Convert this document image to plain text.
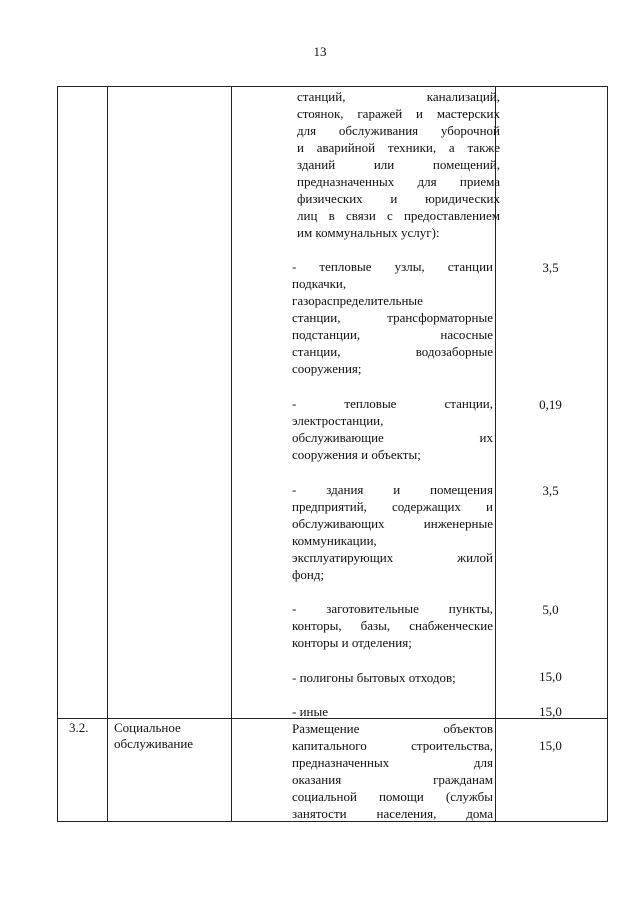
13
станций, канализаций,
стоянок, гаражей и мастерских
для обслуживания уборочной
и аварийной техники, а также
зданий или помещений,
предназначенных для приема
физических и юридических
лиц в связи с предоставлением
им коммунальных услуг):
- тепловые узлы, станции
подкачки,
газораспределительные
станции, трансформаторные
подстанции, насосные
станции, водозаборные
сооружения;
3,5
- тепловые станции,
электростанции,
обслуживающие их
сооружения и объекты;
0,19
- здания и помещения
предприятий, содержащих и
обслуживающих инженерные
коммуникации,
эксплуатирующих жилой
фонд;
3,5
- заготовительные пункты,
конторы, базы, снабженческие
конторы и отделения;
5,0
- полигоны бытовых отходов;	15,0
- иные	15,0
3.2. Социальное
обслуживание
Размещение объектов
капитального строительства,
предназначенных для
оказания гражданам
социальной помощи (службы
занятости населения, дома
15,0
